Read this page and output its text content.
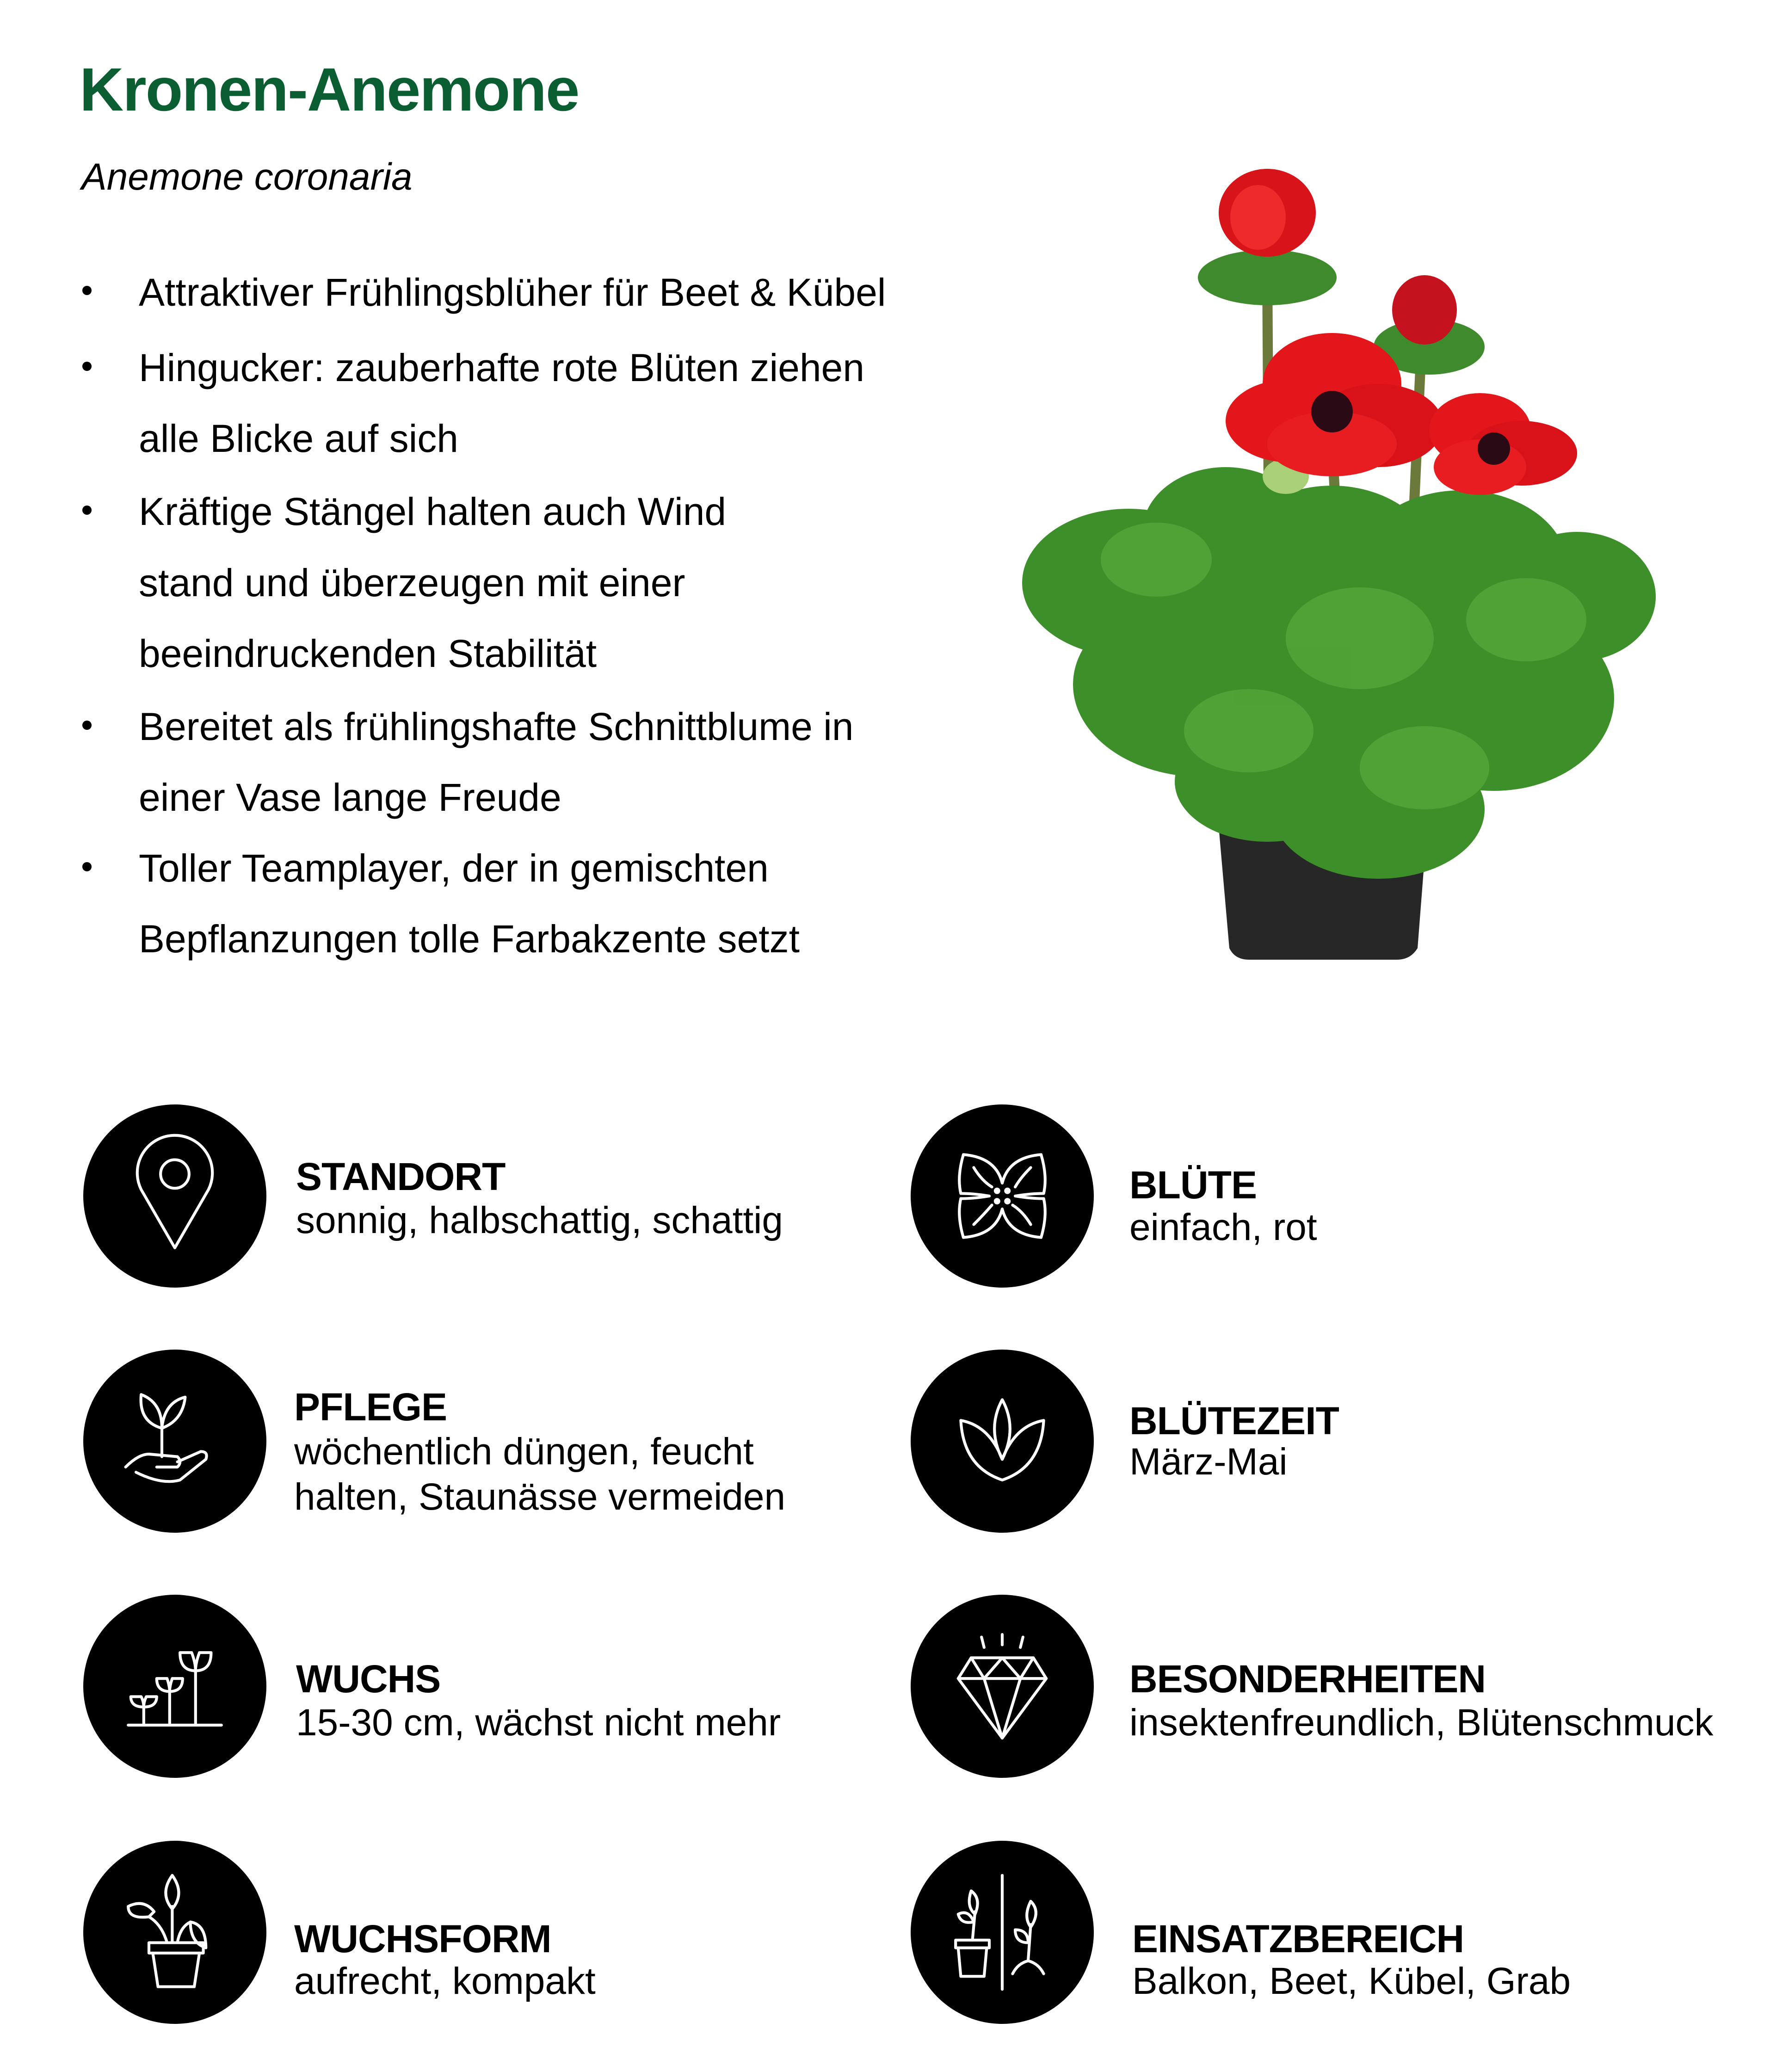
Kronen-Anemone

Anemone coronaria

Attraktiver Frühlingsblüher für Beet & Kübel
Hingucker: zauberhafte rote Blüten ziehen
alle Blicke auf sich
Kräftige Stängel halten auch Wind
stand und überzeugen mit einer
beeindruckenden Stabilität
Bereitet als frühlingshafte Schnittblume in
einer Vase lange Freude
Toller Teamplayer, der in gemischten
Bepflanzungen tolle Farbakzente setzt
STANDORT
sonnig, halbschattig, schattig
BLÜTE
einfach, rot
PFLEGE
wöchentlich düngen, feucht
halten, Staunässe vermeiden
BLÜTEZEIT
März-Mai
WUCHS
15-30 cm, wächst nicht mehr
BESONDERHEITEN
insektenfreundlich, Blütenschmuck
WUCHSFORM
aufrecht, kompakt
EINSATZBEREICH
Balkon, Beet, Kübel, Grab
